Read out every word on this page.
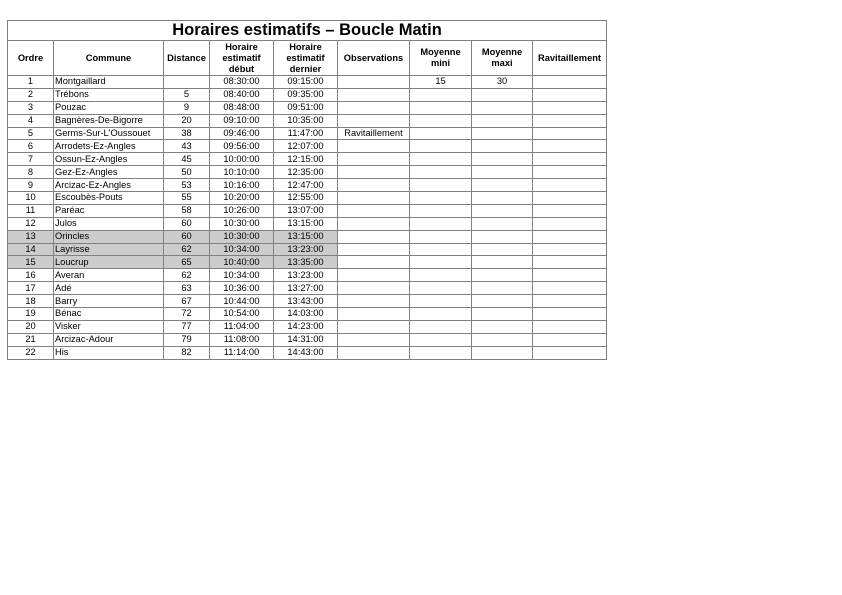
Horaires estimatifs – Boucle Matin								
Ordre	Commune	Distance	Horaire estimatif début	Horaire estimatif dernier	Observations	Moyenne mini	Moyenne maxi	Ravitaillement
1	Montgaillard		08:30:00	09:15:00		15	30	
2	Trébons	5	08:40:00	09:35:00				
3	Pouzac	9	08:48:00	09:51:00				
4	Bagnères-De-Bigorre	20	09:10:00	10:35:00				
5	Germs-Sur-L'Oussouet	38	09:46:00	11:47:00	Ravitaillement			
6	Arrodets-Ez-Angles	43	09:56:00	12:07:00				
7	Ossun-Ez-Angles	45	10:00:00	12:15:00				
8	Gez-Ez-Angles	50	10:10:00	12:35:00				
9	Arcizac-Ez-Angles	53	10:16:00	12:47:00				
10	Escoubès-Pouts	55	10:20:00	12:55:00				
11	Paréac	58	10:26:00	13:07:00				
12	Julos	60	10:30:00	13:15:00				
13	Orincles	60	10:30:00	13:15:00				
14	Layrisse	62	10:34:00	13:23:00				
15	Loucrup	65	10:40:00	13:35:00				
16	Averan	62	10:34:00	13:23:00				
17	Adé	63	10:36:00	13:27:00				
18	Barry	67	10:44:00	13:43:00				
19	Bénac	72	10:54:00	14:03:00				
20	Visker	77	11:04:00	14:23:00				
21	Arcizac-Adour	79	11:08:00	14:31:00				
22	His	82	11:14:00	14:43:00				
